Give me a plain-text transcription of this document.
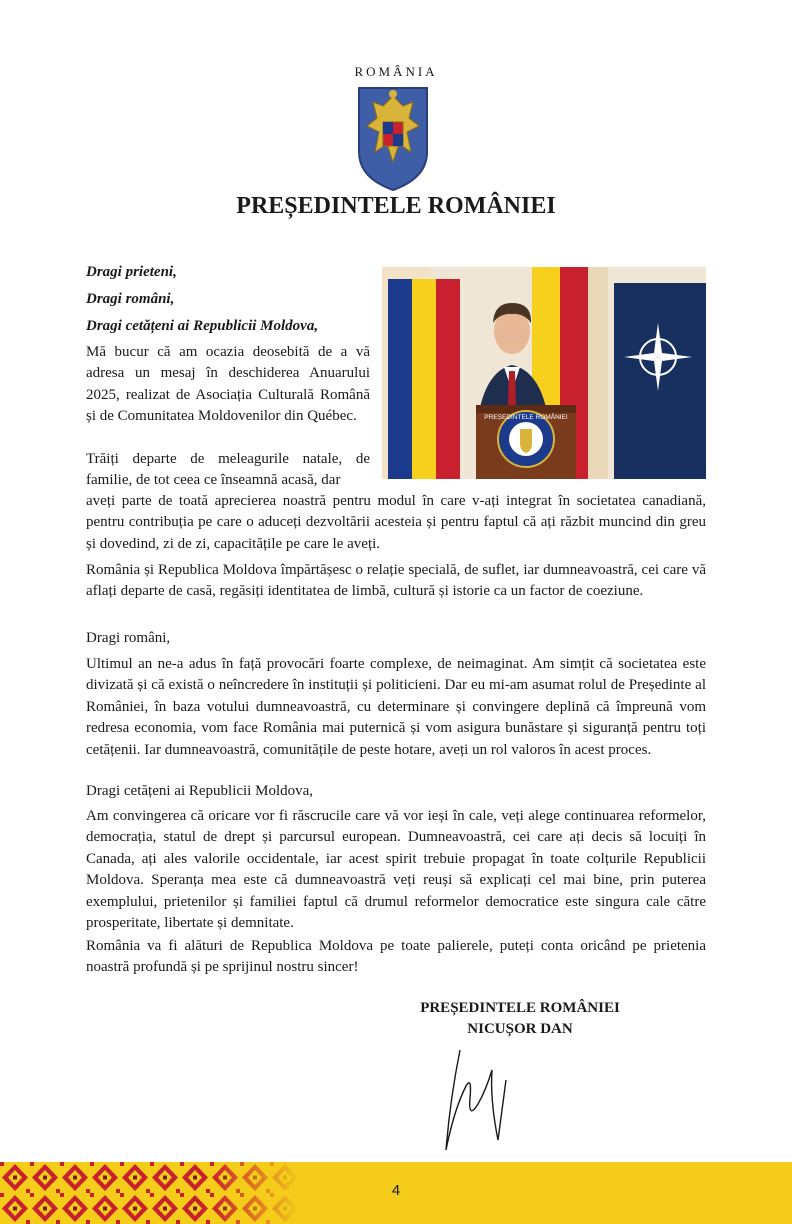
ROMÂNIA
PREȘEDINTELE ROMÂNIEI
Dragi prieteni,
Dragi români,
Dragi cetățeni ai Republicii Moldova,
PREȘEDINTELE ROMÂNIEI

Mă bucur că am ocazia deosebită de a vă adresa un mesaj în deschiderea Anuarului 2025, realizat de Asociația Culturală Română și de Comunitatea Moldovenilor din Québec.

Trăiți departe de meleagurile natale, de familie, de tot ceea ce înseamnă acasă, dar

aveți parte de toată aprecierea noastră pentru modul în care v-ați integrat în societatea canadiană, pentru contribuția pe care o aduceți dezvoltării acesteia și pentru faptul că ați răzbit muncind din greu și dovedind, zi de zi, capacitățile pe care le aveți.

România și Republica Moldova împărtășesc o relație specială, de suflet, iar dumneavoastră, cei care vă aflați departe de casă, regăsiți identitatea de limbă, cultură și istorie ca un factor de coeziune.

Dragi români,

Ultimul an ne-a adus în față provocări foarte complexe, de neimaginat. Am simțit că societatea este divizată și că există o neîncredere în instituții și politicieni. Dar eu mi-am asumat rolul de Președinte al României, în baza votului dumneavoastră, cu determinare și convingere deplină că împreună vom redresa economia, vom face România mai puternică și vom asigura bunăstare și siguranță pentru toți cetățenii. Iar dumneavoastră, comunitățile de peste hotare, aveți un rol valoros în acest proces.

Dragi cetățeni ai Republicii Moldova,

Am convingerea că oricare vor fi răscrucile care vă vor ieși în cale, veți alege continuarea reformelor, democrația, statul de drept și parcursul european. Dumneavoastră, cei care ați decis să locuiți în Canada, ați ales valorile occidentale, iar acest spirit trebuie propagat în toate colțurile Republicii Moldova. Speranța mea este că dumneavoastră veți reuși să explicați cel mai bine, prin puterea exemplului, prietenilor și familiei faptul că drumul reformelor democratice este singura cale către prosperitate, libertate și demnitate.

România va fi alături de Republica Moldova pe toate palierele, puteți conta oricând pe prietenia noastră profundă și pe sprijinul nostru sincer!

PREȘEDINTELE ROMÂNIEI
NICUȘOR DAN
4
